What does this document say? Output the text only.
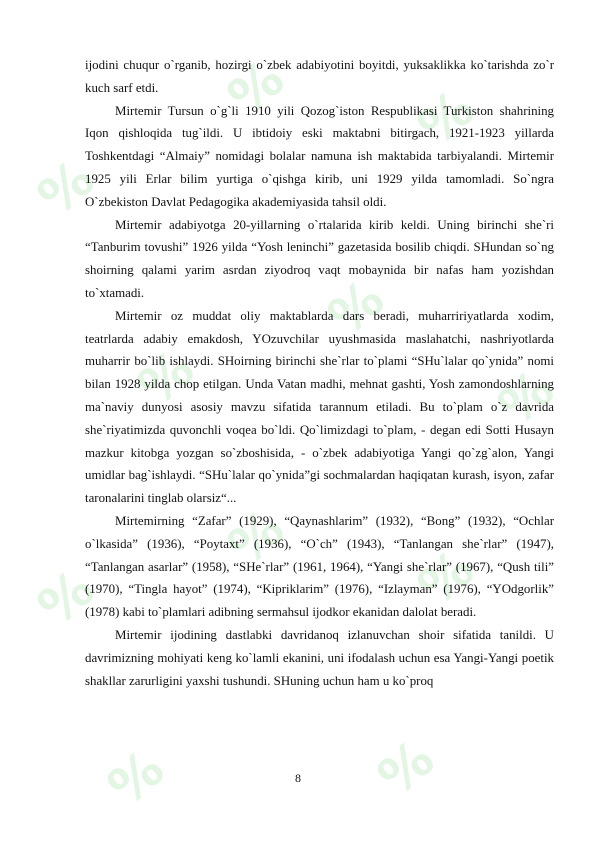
%
% %
%
%
%
%
%
%
%	%

ijodini chuqur o`rganib, hozirgi o`zbek adabiyotini boyitdi, yuksaklikka ko`tarishda zo`r kuch sarf etdi.

Mirtemir Tursun o`g`li 1910 yili Qozog`iston Respublikasi Turkiston shahrining Iqon qishloqida tug`ildi. U ibtidoiy eski maktabni bitirgach, 1921-1923 yillarda Toshkentdagi “Almaiy” nomidagi bolalar namuna ish maktabida tarbiyalandi. Mirtemir 1925 yili Erlar bilim yurtiga o`qishga kirib, uni 1929 yilda tamomladi. So`ngra O`zbekiston Davlat Pedagogika akademiyasida tahsil oldi.

Mirtemir adabiyotga 20-yillarning o`rtalarida kirib keldi. Uning birinchi she`ri “Tanburim tovushi” 1926 yilda “Yosh leninchi” gazetasida bosilib chiqdi. SHundan so`ng shoirning qalami yarim asrdan ziyodroq vaqt mobaynida bir nafas ham yozishdan to`xtamadi.

Mirtemir oz muddat oliy maktablarda dars beradi, muharririyatlarda xodim, teatrlarda adabiy emakdosh, YOzuvchilar uyushmasida maslahatchi, nashriyotlarda muharrir bo`lib ishlaydi. SHoirning birinchi she`rlar to`plami “SHu`lalar qo`ynida” nomi bilan 1928 yilda chop etilgan. Unda Vatan madhi, mehnat gashti, Yosh zamondoshlarning ma`naviy dunyosi asosiy mavzu sifatida tarannum etiladi. Bu to`plam o`z davrida she`riyatimizda quvonchli voqea bo`ldi. Qo`limizdagi to`plam, - degan edi Sotti Husayn mazkur kitobga yozgan so`zboshisida, - o`zbek adabiyotiga Yangi qo`zg`alon, Yangi umidlar bag`ishlaydi. “SHu`lalar qo`ynida”gi sochmalardan haqiqatan kurash, isyon, zafar taronalarini tinglab olarsiz“...

Mirtemirning “Zafar” (1929), “Qaynashlarim” (1932), “Bong” (1932), “Ochlar o`lkasida” (1936), “Poytaxt” (1936), “O`ch” (1943), “Tanlangan she`rlar” (1947), “Tanlangan asarlar” (1958), “SHe`rlar” (1961, 1964), “Yangi she`rlar” (1967), “Qush tili” (1970), “Tingla hayot” (1974), “Kipriklarim” (1976), “Izlayman” (1976), “YOdgorlik” (1978) kabi to`plamlari adibning sermahsul ijodkor ekanidan dalolat beradi.

Mirtemir ijodining dastlabki davridanoq izlanuvchan shoir sifatida tanildi. U davrimizning mohiyati keng ko`lamli ekanini, uni ifodalash uchun esa Yangi-Yangi poetik shakllar zarurligini yaxshi tushundi. SHuning uchun ham u ko`proq

8
